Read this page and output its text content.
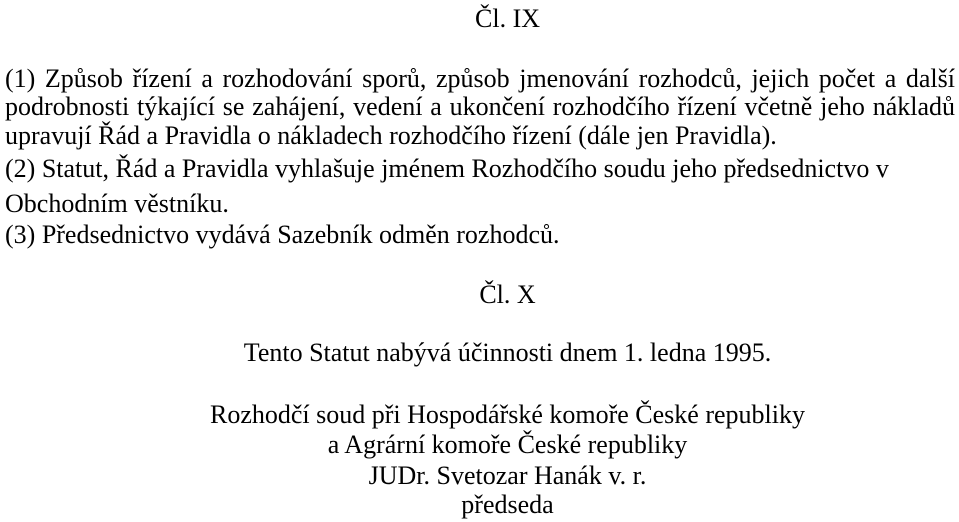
Čl. IX
(1) Způsob řízení a rozhodování sporů, způsob jmenování rozhodců, jejich počet a další
podrobnosti týkající se zahájení, vedení a ukončení rozhodčího řízení včetně jeho nákladů
upravují Řád a Pravidla o nákladech rozhodčího řízení (dále jen Pravidla).
(2) Statut, Řád a Pravidla vyhlašuje jménem Rozhodčího soudu jeho předsednictvo v
Obchodním věstníku.
(3) Předsednictvo vydává Sazebník odměn rozhodců.
Čl. X
Tento Statut nabývá účinnosti dnem 1. ledna 1995.
Rozhodčí soud při Hospodářské komoře České republiky
a Agrární komoře České republiky
JUDr. Svetozar Hanák v. r.
předseda
